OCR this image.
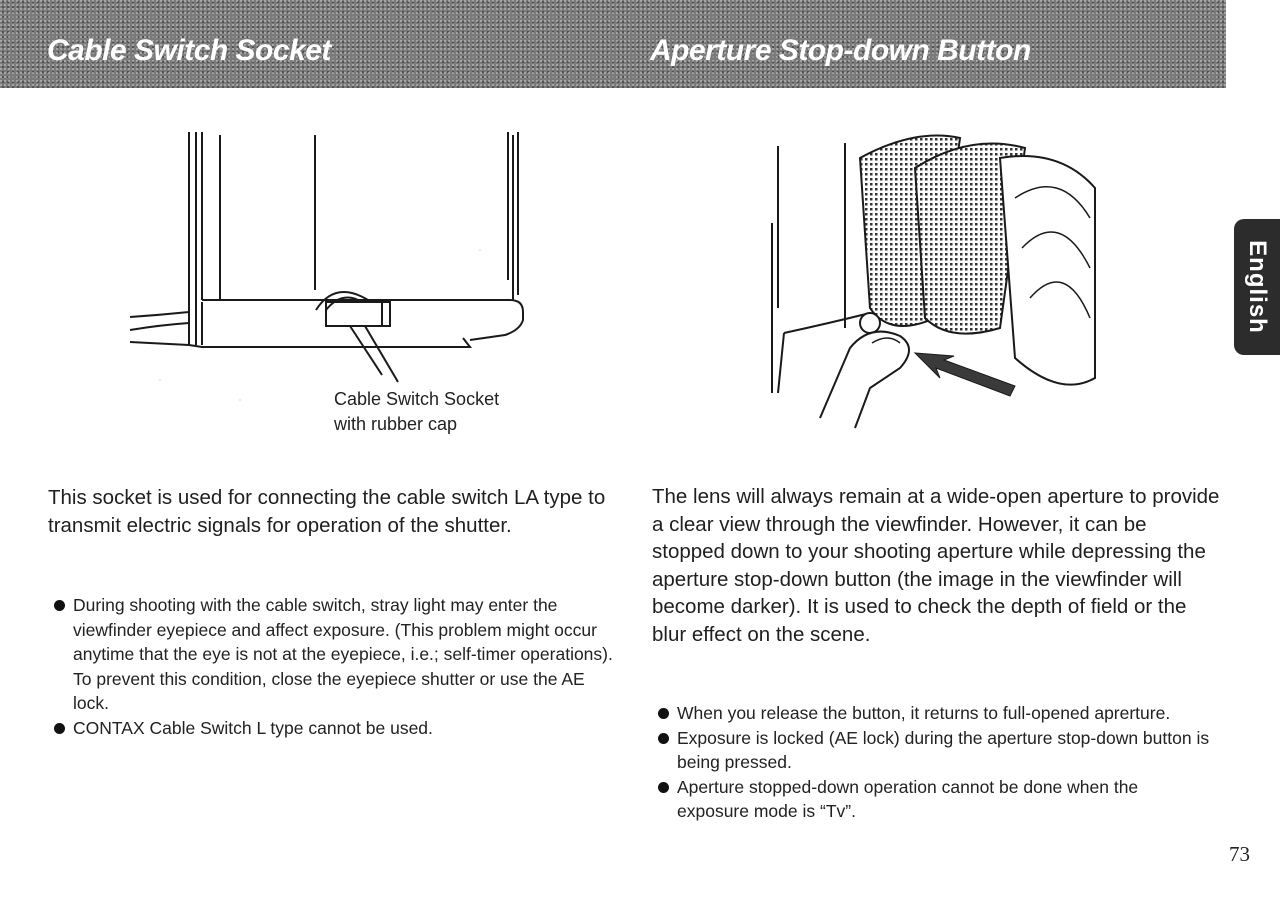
Cable Switch Socket	Aperture Stop-down Button
Cable Switch Socket
with rubber cap

This socket is used for connecting the cable switch LA type to transmit electric signals for operation of the shutter.

During shooting with the cable switch, stray light may enter the viewfinder eyepiece and affect exposure. (This problem might occur anytime that the eye is not at the eyepiece, i.e.; self-timer operations). To prevent this condition, close the eyepiece shutter or use the AE lock.
CONTAX Cable Switch L type cannot be used.

The lens will always remain at a wide-open aperture to provide a clear view through the viewfinder. However, it can be stopped down to your shooting aperture while depressing the aperture stop-down button (the image in the viewfinder will become darker). It is used to check the depth of field or the blur effect on the scene.

When you release the button, it returns to full-opened aprerture.
Exposure is locked (AE lock) during the aperture stop-down button is being pressed.
Aperture stopped-down operation cannot be done when the exposure mode is “Tv”.
English
73
